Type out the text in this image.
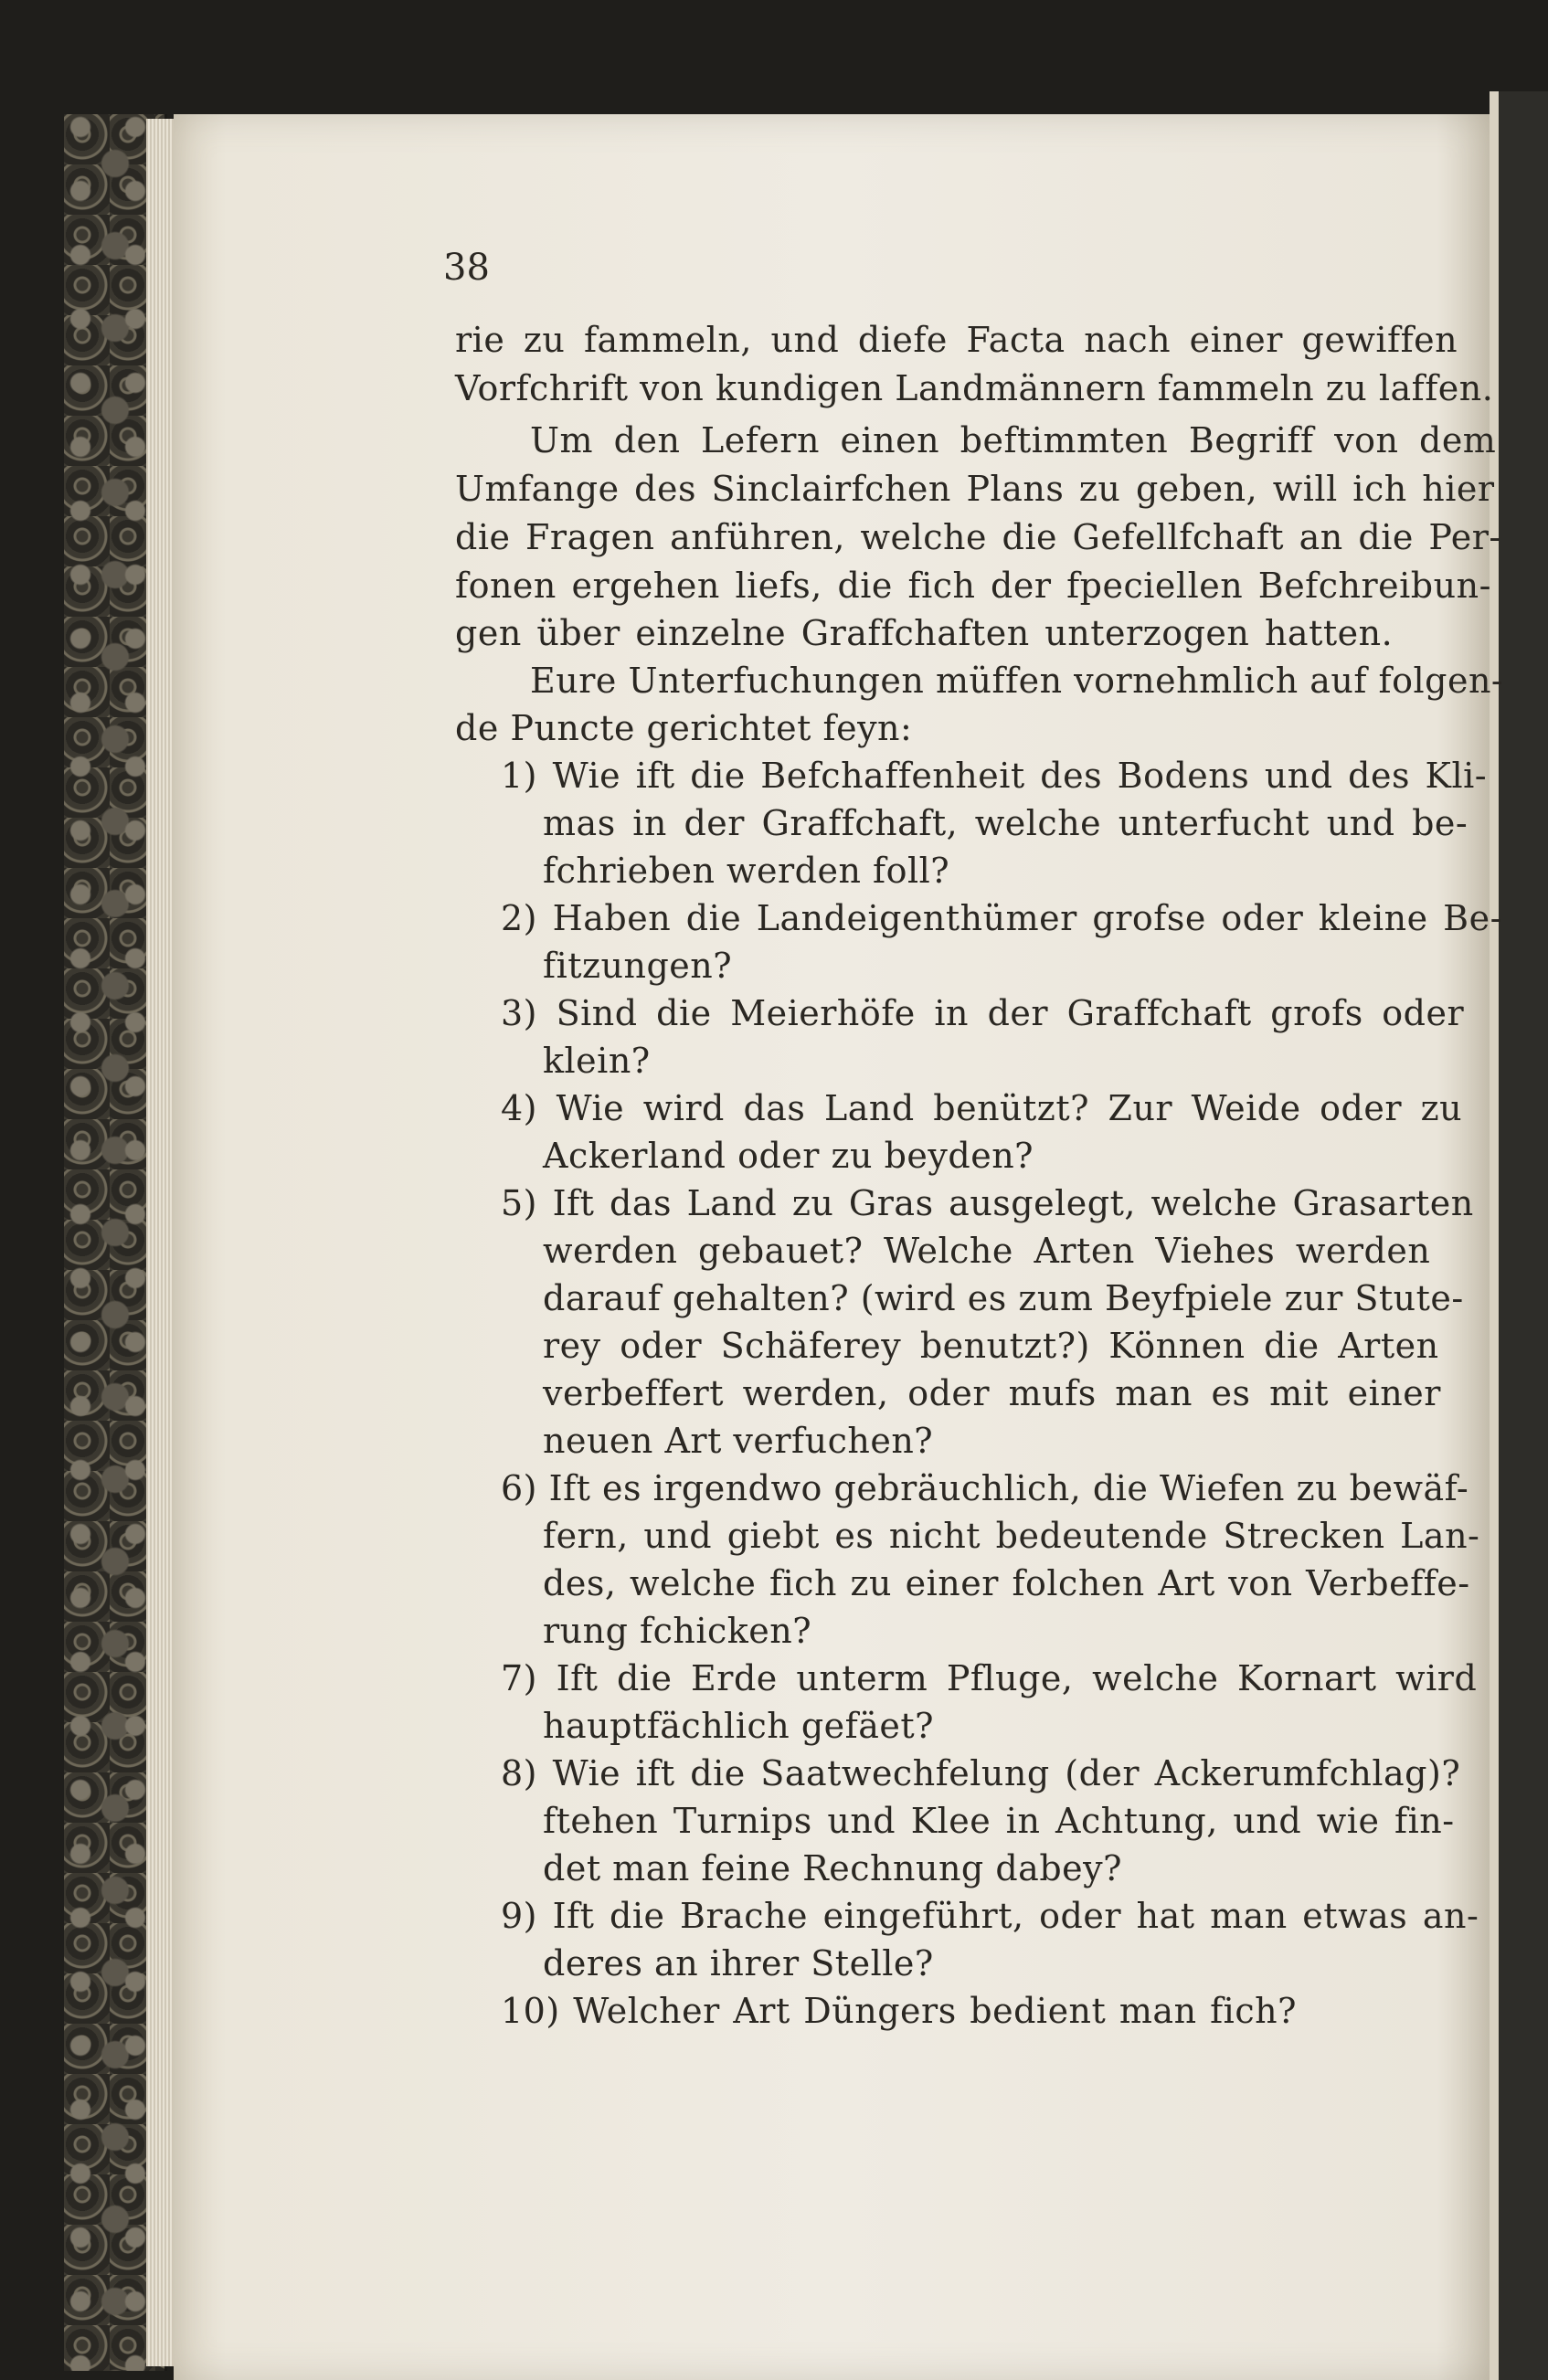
38
rie zu fammeln, und diefe Facta nach einer gewiffen
Vorfchrift von kundigen Landmännern fammeln zu laffen.
Um den Lefern einen beftimmten Begriff von dem
Umfange des Sinclairfchen Plans zu geben, will ich hier
die Fragen anführen, welche die Gefellfchaft an die Per-
fonen ergehen liefs, die fich der fpeciellen Befchreibun-
gen über einzelne Graffchaften unterzogen hatten.
Eure Unterfuchungen müffen vornehmlich auf folgen-
de Puncte gerichtet feyn:
1) Wie ift die Befchaffenheit des Bodens und des Kli-
mas in der Graffchaft, welche unterfucht und be-
fchrieben werden foll?
2) Haben die Landeigenthümer grofse oder kleine Be-
fitzungen?
3) Sind die Meierhöfe in der Graffchaft grofs oder
klein?
4) Wie wird das Land benützt? Zur Weide oder zu
Ackerland oder zu beyden?
5) Ift das Land zu Gras ausgelegt, welche Grasarten
werden gebauet? Welche Arten Viehes werden
darauf gehalten? (wird es zum Beyfpiele zur Stute-
rey oder Schäferey benutzt?) Können die Arten
verbeffert werden, oder mufs man es mit einer
neuen Art verfuchen?
6) Ift es irgendwo gebräuchlich, die Wiefen zu bewäf-
fern, und giebt es nicht bedeutende Strecken Lan-
des, welche fich zu einer folchen Art von Verbeffe-
rung fchicken?
7) Ift die Erde unterm Pfluge, welche Kornart wird
hauptfächlich gefäet?
8) Wie ift die Saatwechfelung (der Ackerumfchlag)?
ftehen Turnips und Klee in Achtung, und wie fin-
det man feine Rechnung dabey?
9) Ift die Brache eingeführt, oder hat man etwas an-
deres an ihrer Stelle?
10) Welcher Art Düngers bedient man fich?
